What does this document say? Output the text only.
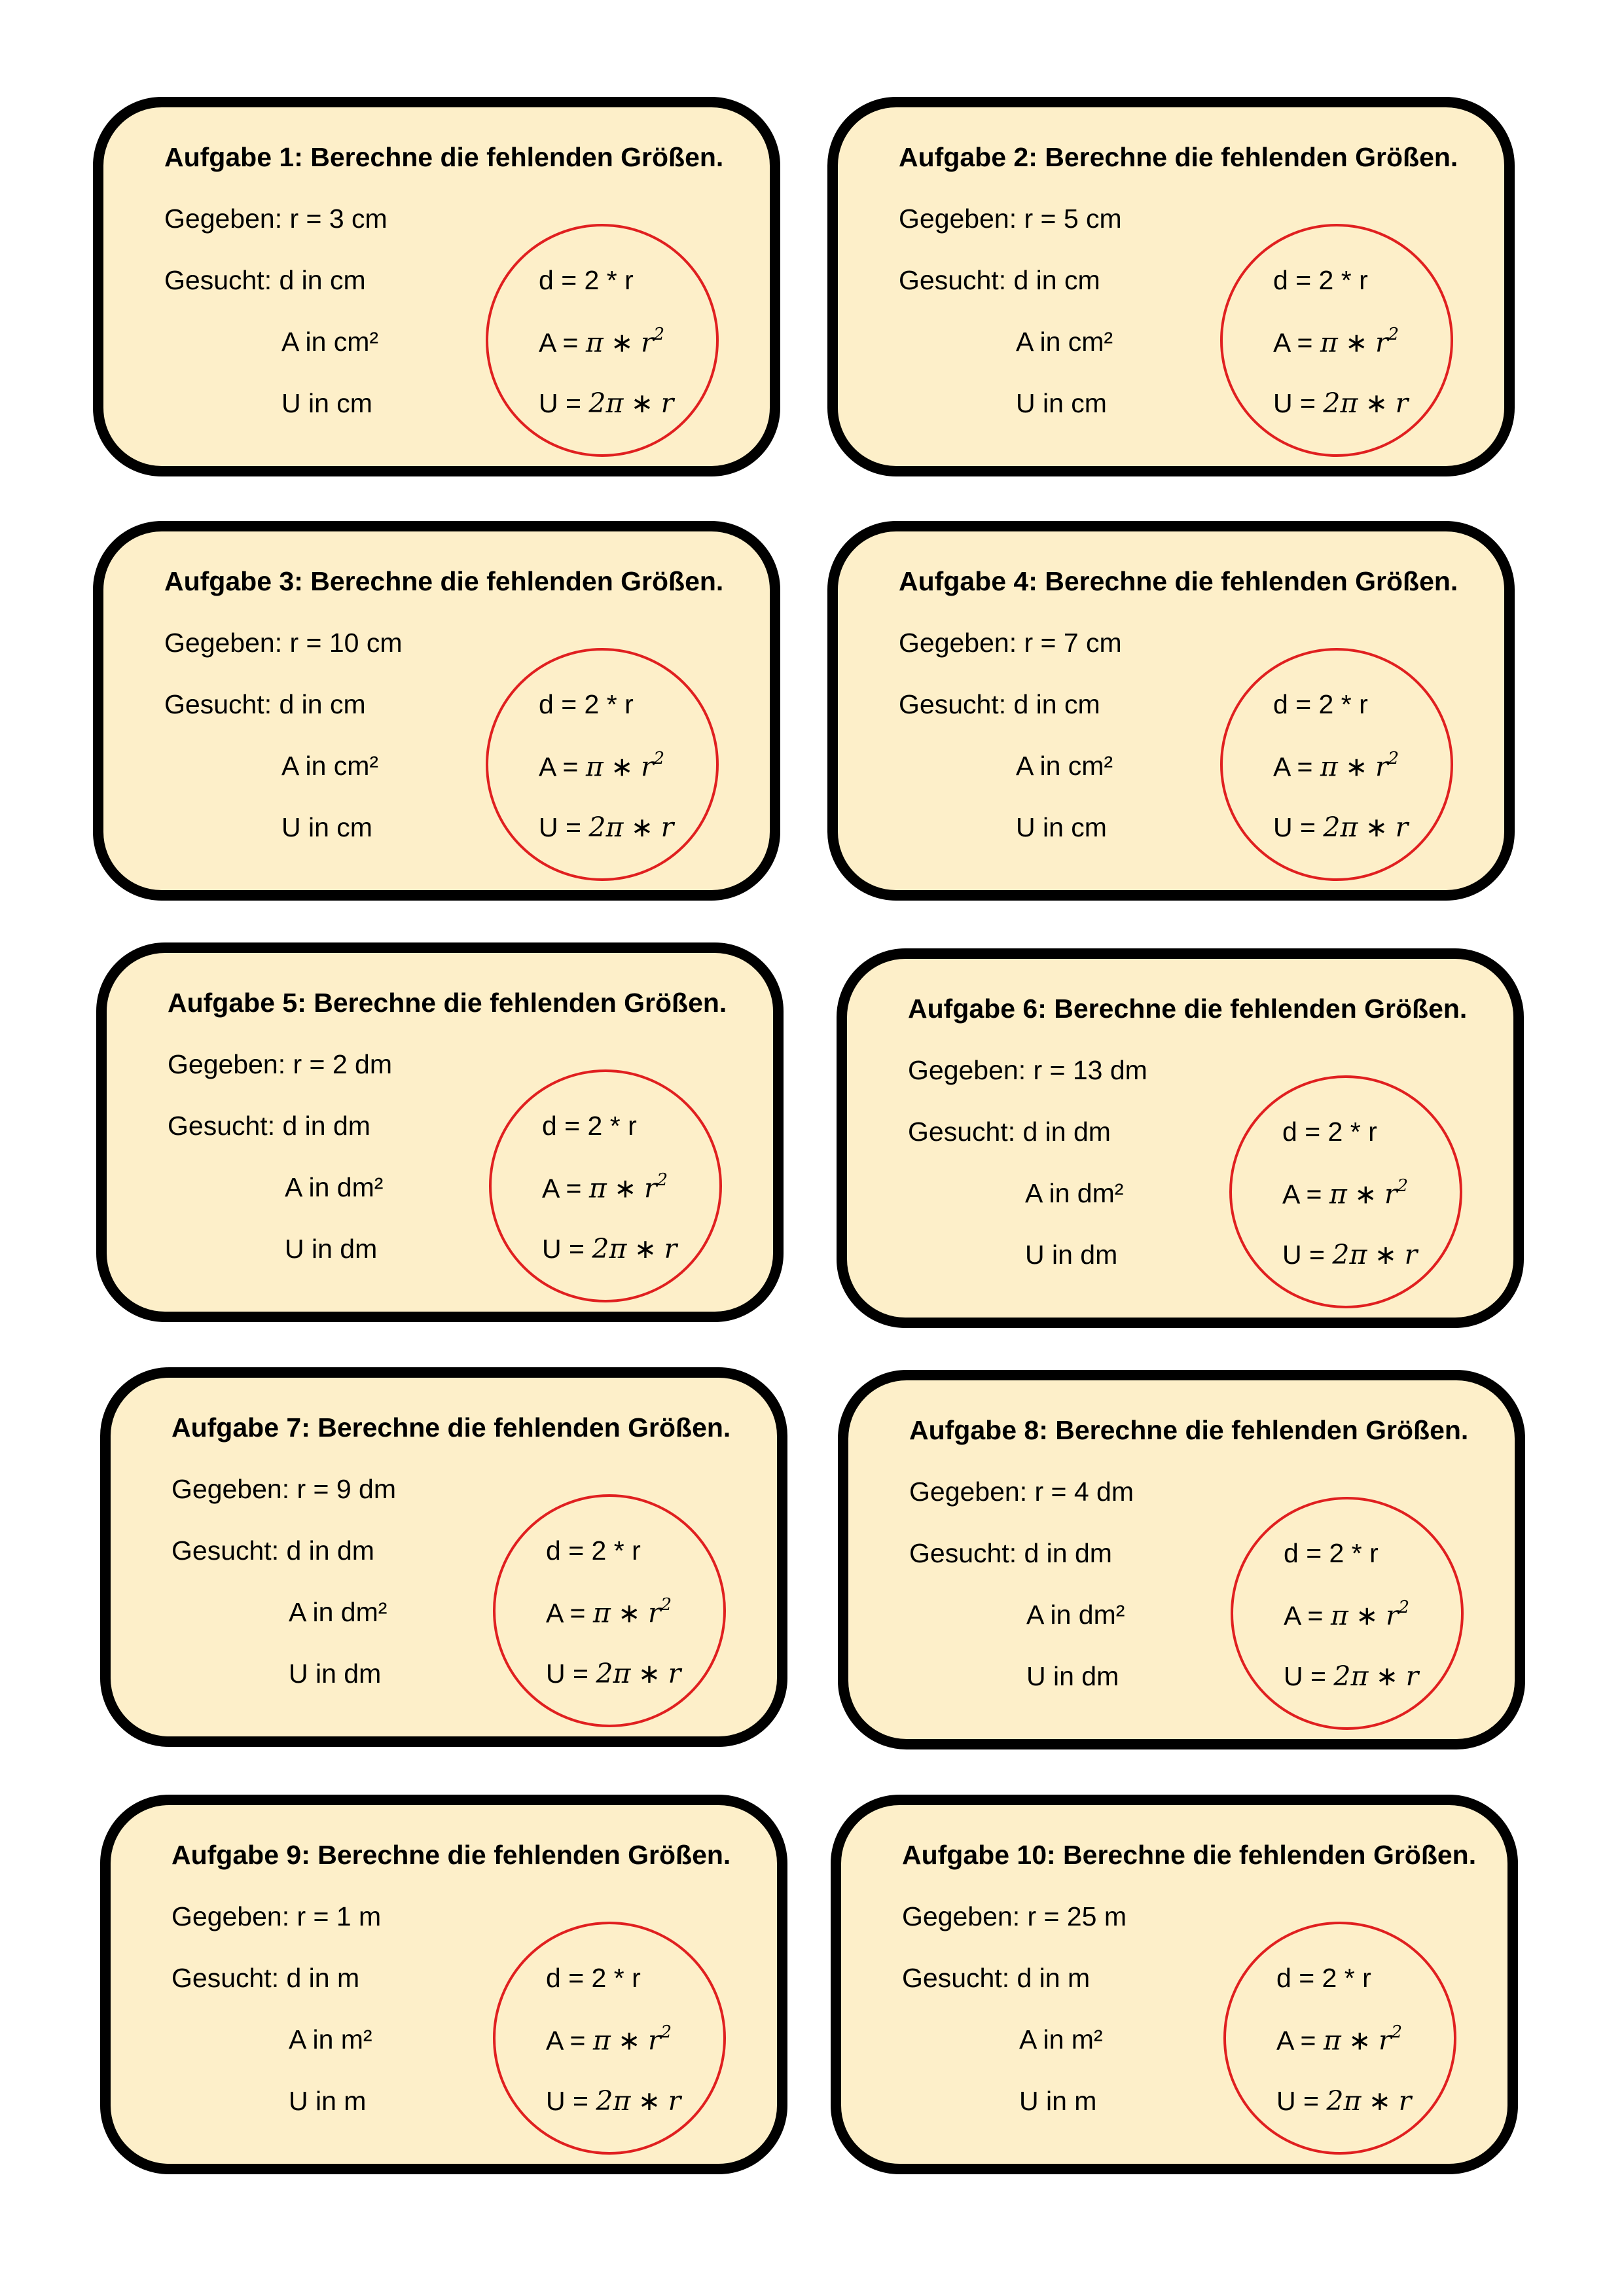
Aufgabe 1: Berechne die fehlenden Größen.
Gegeben: r = 3 cm
Gesucht: d in cm
A in cm²
U in cm
d = 2 * r
A = π ∗ $r^2$
U = 2π ∗ r
Aufgabe 2: Berechne die fehlenden Größen.
Gegeben: r = 5 cm
Gesucht: d in cm
A in cm²
U in cm
d = 2 * r
A = π ∗ $r^2$
U = 2π ∗ r
Aufgabe 3: Berechne die fehlenden Größen.
Gegeben: r = 10 cm
Gesucht: d in cm
A in cm²
U in cm
d = 2 * r
A = π ∗ $r^2$
U = 2π ∗ r
Aufgabe 4: Berechne die fehlenden Größen.
Gegeben: r = 7 cm
Gesucht: d in cm
A in cm²
U in cm
d = 2 * r
A = π ∗ $r^2$
U = 2π ∗ r
Aufgabe 5: Berechne die fehlenden Größen.
Gegeben: r = 2 dm
Gesucht: d in dm
A in dm²
U in dm
d = 2 * r
A = π ∗ $r^2$
U = 2π ∗ r
Aufgabe 6: Berechne die fehlenden Größen.
Gegeben: r = 13 dm
Gesucht: d in dm
A in dm²
U in dm
d = 2 * r
A = π ∗ $r^2$
U = 2π ∗ r
Aufgabe 7: Berechne die fehlenden Größen.
Gegeben: r = 9 dm
Gesucht: d in dm
A in dm²
U in dm
d = 2 * r
A = π ∗ $r^2$
U = 2π ∗ r
Aufgabe 8: Berechne die fehlenden Größen.
Gegeben: r = 4 dm
Gesucht: d in dm
A in dm²
U in dm
d = 2 * r
A = π ∗ $r^2$
U = 2π ∗ r
Aufgabe 9: Berechne die fehlenden Größen.
Gegeben: r = 1 m
Gesucht: d in m
A in m²
U in m
d = 2 * r
A = π ∗ $r^2$
U = 2π ∗ r
Aufgabe 10: Berechne die fehlenden Größen.
Gegeben: r = 25 m
Gesucht: d in m
A in m²
U in m
d = 2 * r
A = π ∗ $r^2$
U = 2π ∗ r
